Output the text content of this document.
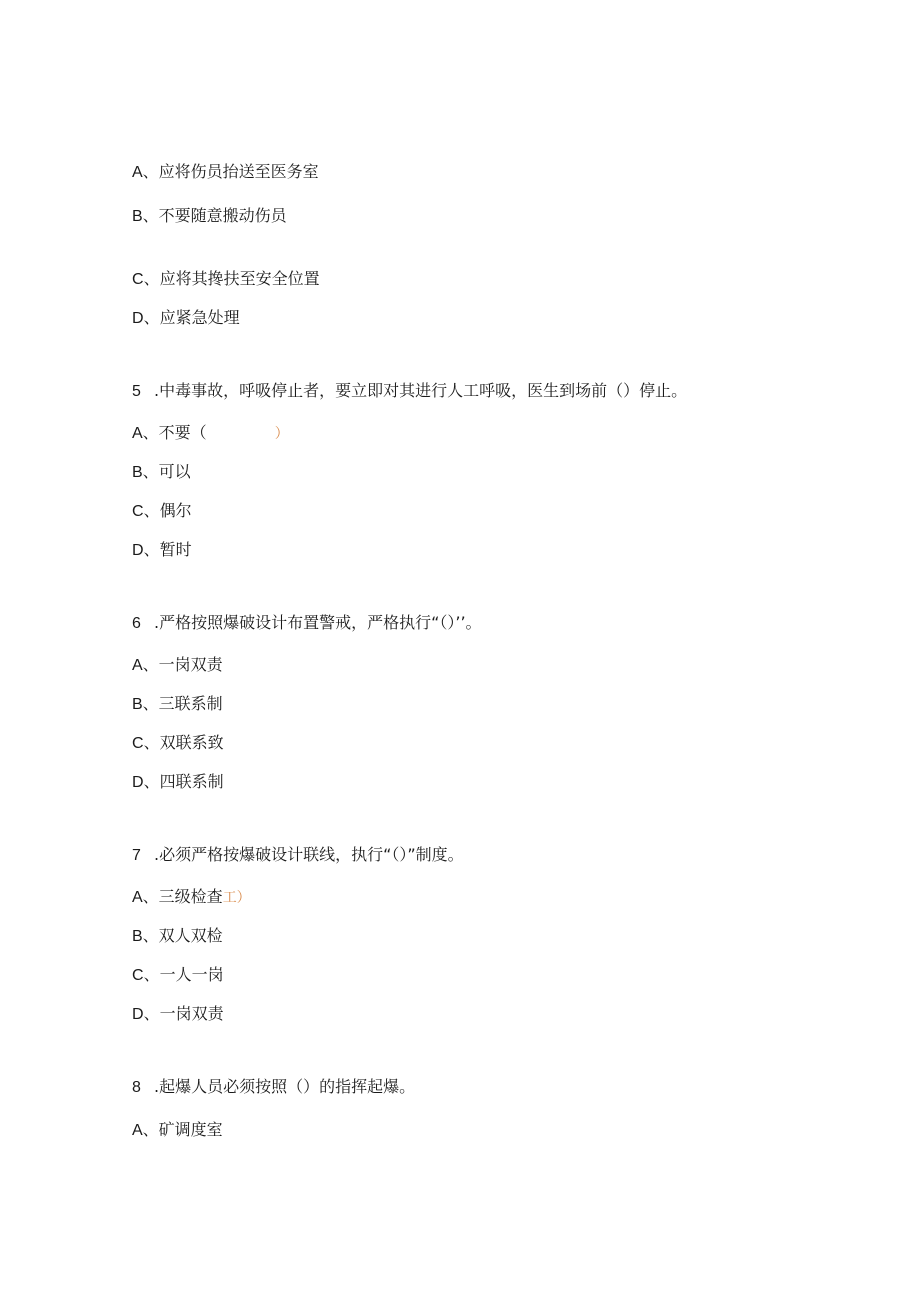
A、应将伤员抬送至医务室
B、不要随意搬动伤员
C、应将其搀扶至安全位置
D、应紧急处理
5 .中毒事故，呼吸停止者，要立即对其进行人工呼吸，医生到场前（）停止。
A、不要（	）
B、可以
C、偶尔
D、暂时
6 .严格按照爆破设计布置警戒，严格执行“（）’’。
A、一岗双责
B、三联系制
C、双联系致
D、四联系制
7 .必须严格按爆破设计联线，执行“（）”制度。
A、三级检查工）
B、双人双检
C、一人一岗
D、一岗双责
8 .起爆人员必须按照（）的指挥起爆。
A、矿调度室
